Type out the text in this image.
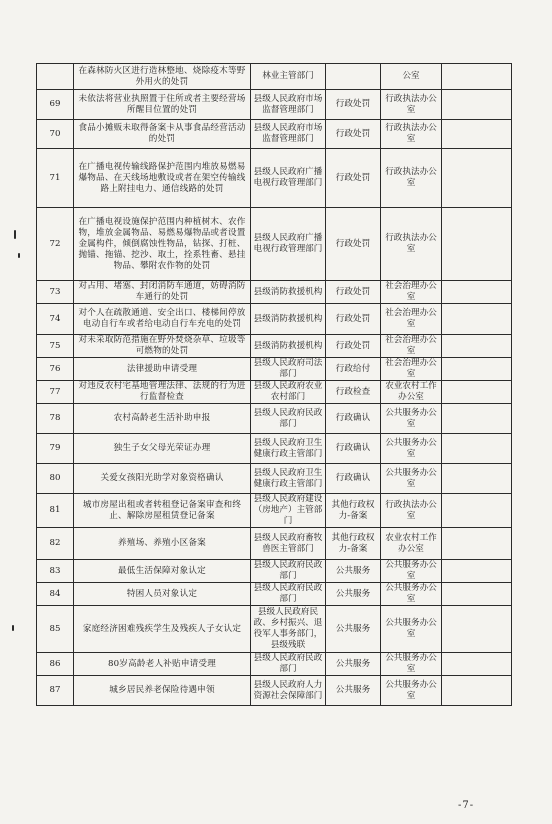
	在森林防火区进行造林整地、烧除疫木等野外用火的处罚	林业主管部门		公室	
69	未依法将营业执照置于住所或者主要经营场所醒目位置的处罚	县级人民政府市场监督管理部门	行政处罚	行政执法办公室	
70	食品小摊贩未取得备案卡从事食品经营活动的处罚	县级人民政府市场监督管理部门	行政处罚	行政执法办公室	
71	在广播电视传输线路保护范围内堆放易燃易爆物品、在天线场地敷设或者在架空传输线路上附挂电力、通信线路的处罚	县级人民政府广播电视行政管理部门	行政处罚	行政执法办公室	
72	在广播电视设施保护范围内种植树木、农作物，堆放金属物品、易燃易爆物品或者设置金属构件，倾倒腐蚀性物品，钻探、打桩、抛锚、拖锚、挖沙、取土，拴系牲畜、悬挂物品、攀附农作物的处罚	县级人民政府广播电视行政管理部门	行政处罚	行政执法办公室	
73	对占用、堵塞、封闭消防车通道，妨碍消防车通行的处罚	县级消防救援机构	行政处罚	社会治理办公室	
74	对个人在疏散通道、安全出口、楼梯间停放电动自行车或者给电动自行车充电的处罚	县级消防救援机构	行政处罚	社会治理办公室	
75	对未采取防范措施在野外焚烧杂草、垃圾等可燃物的处罚	县级消防救援机构	行政处罚	社会治理办公室	
76	法律援助申请受理	县级人民政府司法部门	行政给付	社会治理办公室	
77	对违反农村宅基地管理法律、法规的行为进行监督检查	县级人民政府农业农村部门	行政检查	农业农村工作办公室	
78	农村高龄老生活补助申报	县级人民政府民政部门	行政确认	公共服务办公室	
79	独生子女父母光荣证办理	县级人民政府卫生健康行政主管部门	行政确认	公共服务办公室	
80	关爱女孩阳光助学对象资格确认	县级人民政府卫生健康行政主管部门	行政确认	公共服务办公室	
81	城市房屋出租或者转租登记备案审查和终止、解除房屋租赁登记备案	县级人民政府建设（房地产）主管部门	其他行政权力-备案	行政执法办公室	
82	养殖场、养殖小区备案	县级人民政府畜牧兽医主管部门	其他行政权力-备案	农业农村工作办公室	
83	最低生活保障对象认定	县级人民政府民政部门	公共服务	公共服务办公室	
84	特困人员对象认定	县级人民政府民政部门	公共服务	公共服务办公室	
85	家庭经济困难残疾学生及残疾人子女认定	县级人民政府民政、乡村振兴、退役军人事务部门，县级残联	公共服务	公共服务办公室	
86	80岁高龄老人补贴申请受理	县级人民政府民政部门	公共服务	公共服务办公室	
87	城乡居民养老保险待遇申领	县级人民政府人力资源社会保障部门	公共服务	公共服务办公室	
-7-
